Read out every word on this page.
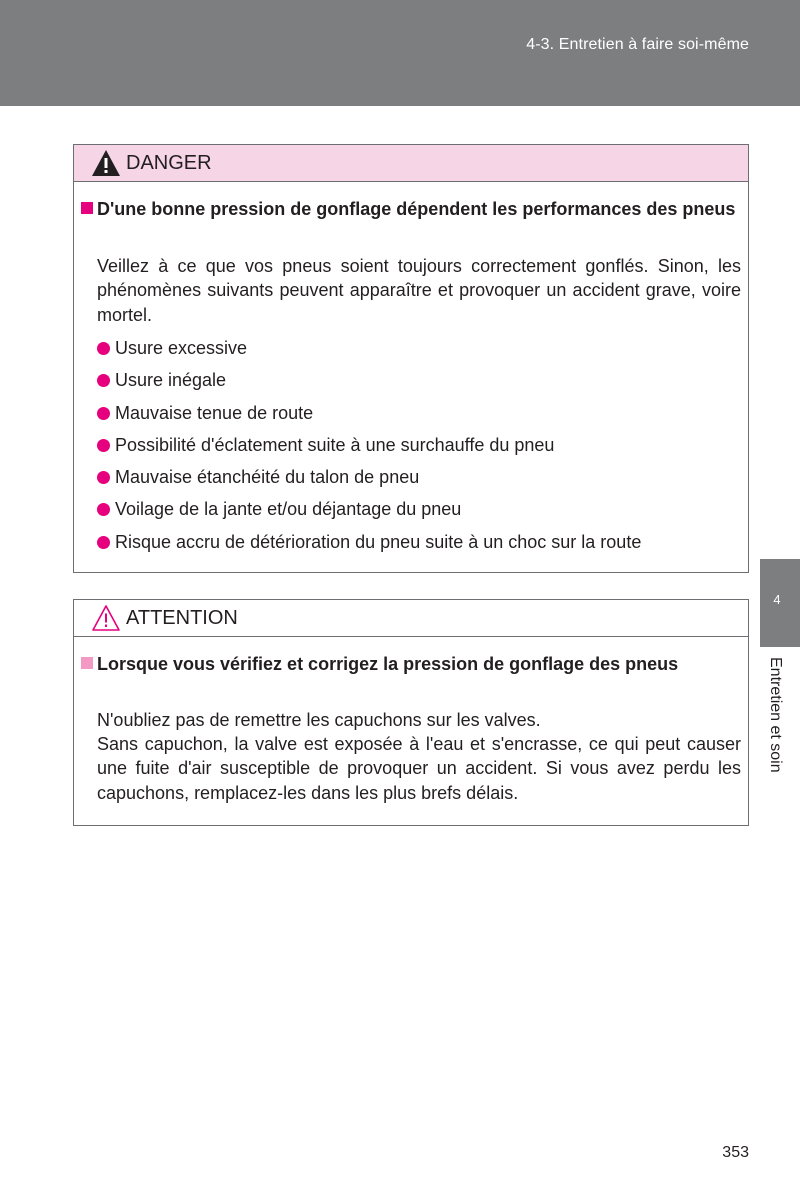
4-3. Entretien à faire soi-même
4
Entretien et soin
DANGER
D'une bonne pression de gonflage dépendent les performances des pneus
Veillez à ce que vos pneus soient toujours correctement gonflés. Sinon, les phénomènes suivants peuvent apparaître et provoquer un accident grave, voire mortel.
Usure excessive
Usure inégale
Mauvaise tenue de route
Possibilité d'éclatement suite à une surchauffe du pneu
Mauvaise étanchéité du talon de pneu
Voilage de la jante et/ou déjantage du pneu
Risque accru de détérioration du pneu suite à un choc sur la route
ATTENTION
Lorsque vous vérifiez et corrigez la pression de gonflage des pneus
N'oubliez pas de remettre les capuchons sur les valves.
Sans capuchon, la valve est exposée à l'eau et s'encrasse, ce qui peut causer une fuite d'air susceptible de provoquer un accident. Si vous avez perdu les capuchons, remplacez-les dans les plus brefs délais.
353
